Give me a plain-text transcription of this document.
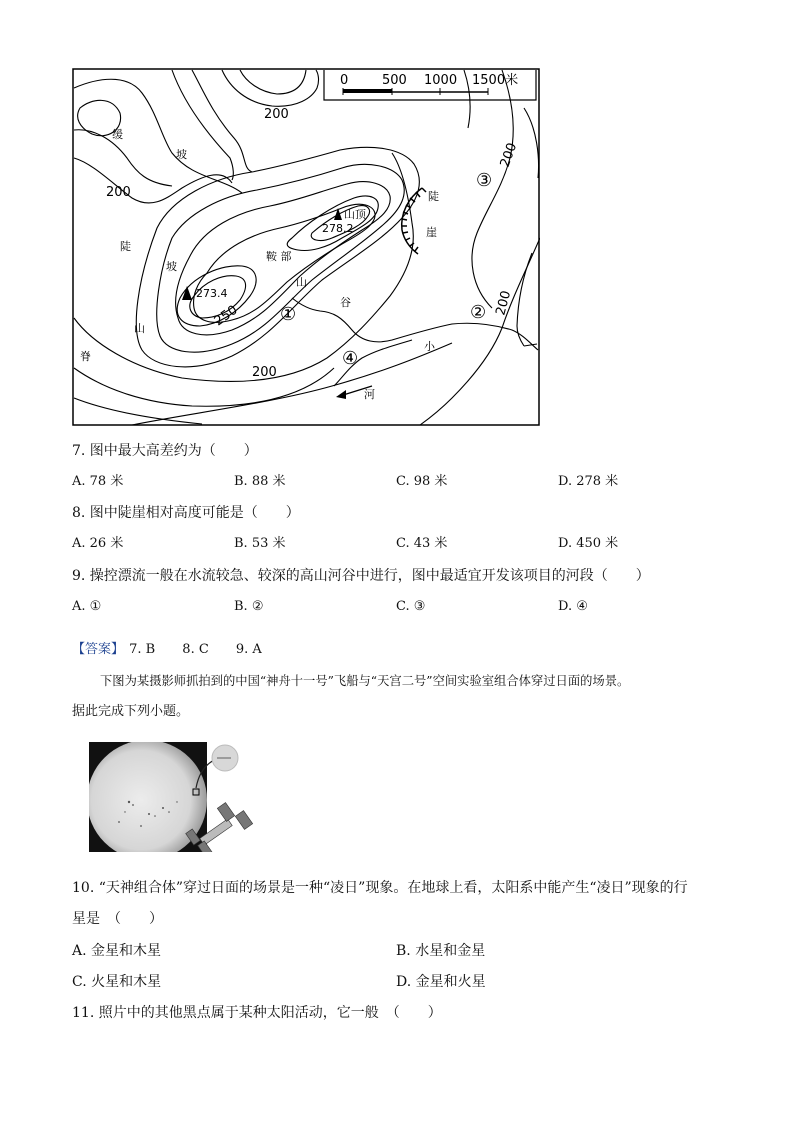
0	500 1000 1500米
200
200
200
200
250
200
缓
坡
陡
坡
山
脊
鞍 部
山顶
山
谷
陡
崖
小
河
278.2
273.4
①	②
③
④
7. 图中最大高差约为（　　）
A. 78 米	B. 88 米	C. 98 米	D. 278 米
8. 图中陡崖相对高度可能是（　　）
A. 26 米	B. 53 米	C. 43 米	D. 450 米
9. 操控漂流一般在水流较急、较深的高山河谷中进行，图中最适宜开发该项目的河段（　　）
A. ①	B. ②	C. ③	D. ④
【答案】 7. B 8. C 9. A
下图为某摄影师抓拍到的中国“神舟十一号”飞船与“天宫二号”空间实验室组合体穿过日面的场景。
据此完成下列小题。
10. “天神组合体”穿过日面的场景是一种“凌日”现象。在地球上看，太阳系中能产生“凌日”现象的行
星是　（　　）
A. 金星和木星	B. 水星和金星
C. 火星和木星	D. 金星和火星
11. 照片中的其他黑点属于某种太阳活动，它一般　（　　）
